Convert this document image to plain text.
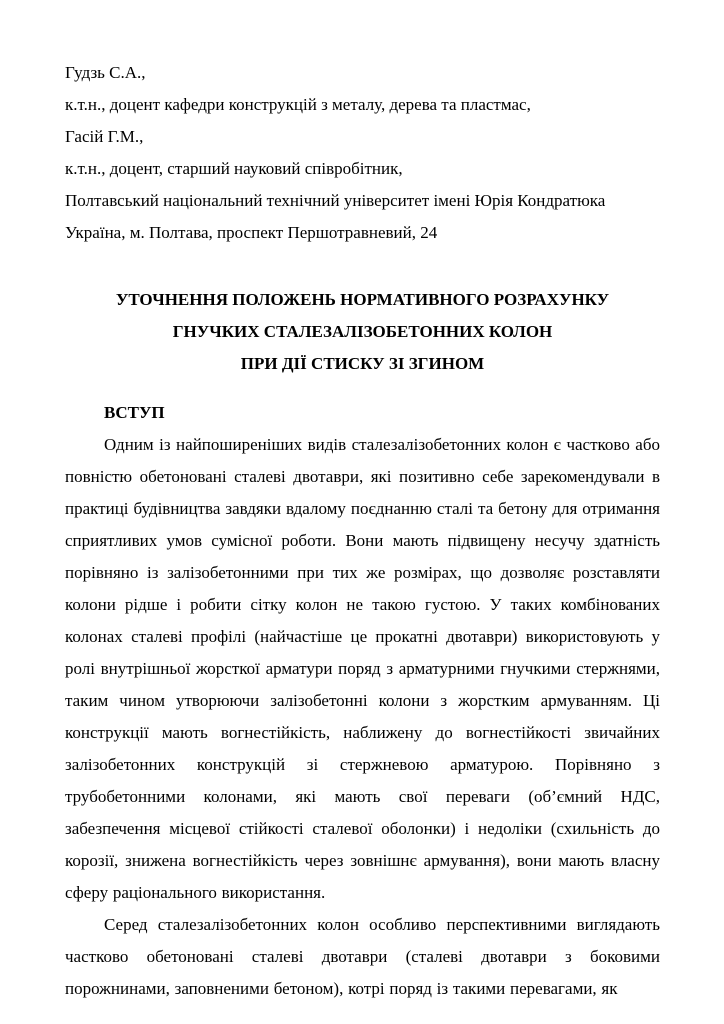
Гудзь С.А.,

к.т.н., доцент кафедри конструкцій з металу, дерева та пластмас,

Гасій Г.М.,

к.т.н., доцент, старший науковий співробітник,

Полтавський національний технічний університет імені Юрія Кондратюка

Україна, м. Полтава, проспект Першотравневий, 24

УТОЧНЕННЯ ПОЛОЖЕНЬ НОРМАТИВНОГО РОЗРАХУНКУ
ГНУЧКИХ СТАЛЕЗАЛІЗОБЕТОННИХ КОЛОН
ПРИ ДІЇ СТИСКУ ЗІ ЗГИНОМ
ВСТУП

Одним із найпоширеніших видів сталезалізобетонних колон є частково або повністю обетоновані сталеві двотаври, які позитивно себе зарекомендували в практиці будівництва завдяки вдалому поєднанню сталі та бетону для отримання сприятливих умов сумісної роботи. Вони мають підвищену несучу здатність порівняно із залізобетонними при тих же розмірах, що дозволяє розставляти колони рідше і робити сітку колон не такою густою. У таких комбінованих колонах сталеві профілі (найчастіше це прокатні двотаври) використовують у ролі внутрішньої жорсткої арматури поряд з арматурними гнучкими стержнями, таким чином утворюючи залізобетонні колони з жорстким армуванням. Ці конструкції мають вогнестійкість, наближену до вогнестійкості звичайних залізобетонних конструкцій зі стержневою арматурою. Порівняно з трубобетонними колонами, які мають свої переваги (об’ємний НДС, забезпечення місцевої стійкості сталевої оболонки) і недоліки (схильність до корозії, знижена вогнестійкість через зовнішнє армування), вони мають власну сферу раціонального використання.

Серед сталезалізобетонних колон особливо перспективними виглядають частково обетоновані сталеві двотаври (сталеві двотаври з боковими порожнинами, заповненими бетоном), котрі поряд із такими перевагами, як
